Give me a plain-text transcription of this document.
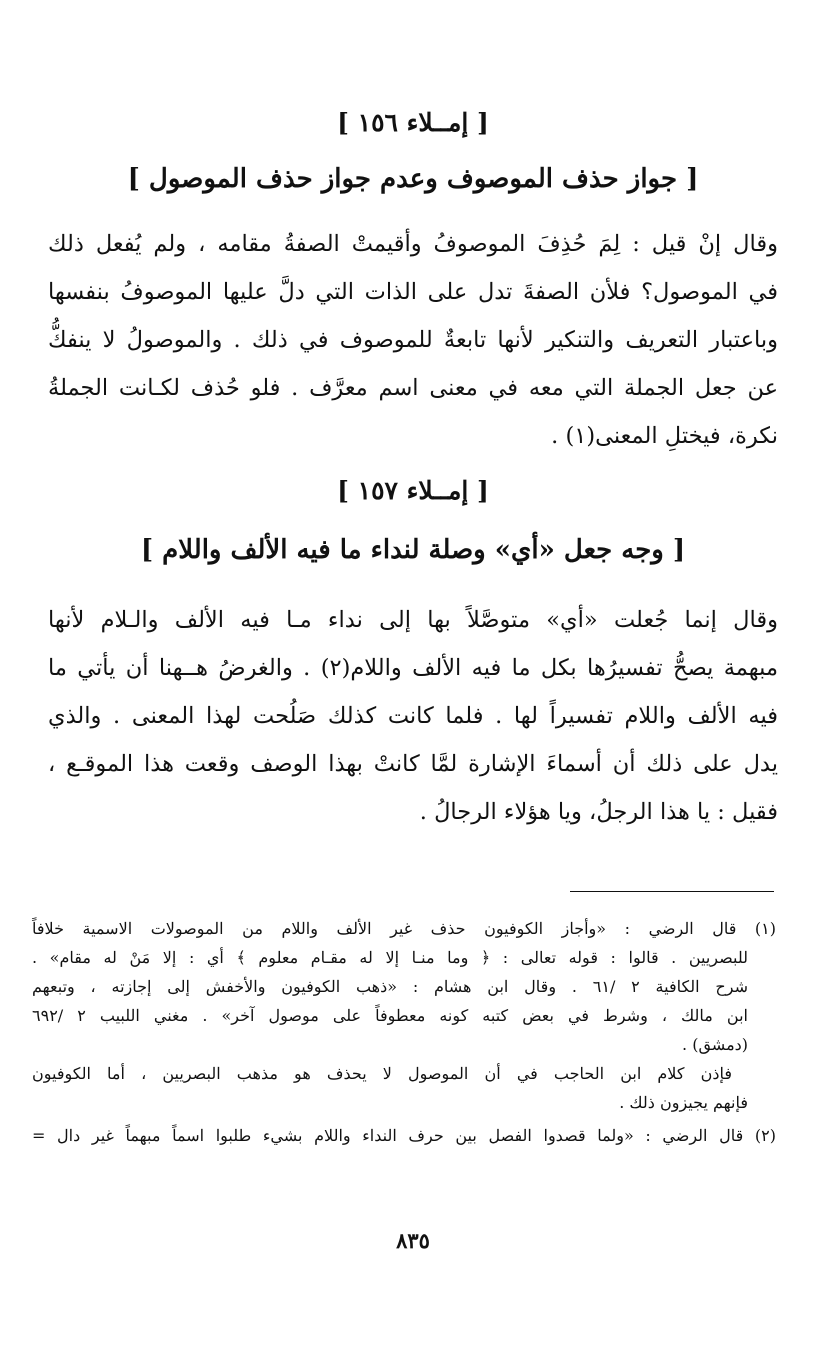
[ إمــلاء ١٥٦ ]
[ جواز حذف الموصوف وعدم جواز حذف الموصول ]
وقال إنْ قيل : لِمَ حُذِفَ الموصوفُ وأقيمتْ الصفةُ مقامه ، ولم يُفعل ذلك
في الموصول؟ فلأن الصفةَ تدل على الذات التي دلَّ عليها الموصوفُ بنفسها
وباعتبار التعريف والتنكير لأنها تابعةٌ للموصوف في ذلك . والموصولُ لا ينفكُّ
عن جعل الجملة التي معه في معنى اسم معرَّف . فلو حُذف لكـانت الجملةُ
نكرة، فيختلِ المعنى(١) .
[ إمــلاء ١٥٧ ]
[ وجه جعل «أي» وصلة لنداء ما فيه الألف واللام ]
وقال إنما جُعلت «أي» متوصَّلاً بها إلى نداء مـا فيه الألف والـلام لأنها
مبهمة يصحُّ تفسيرُها بكل ما فيه الألف واللام(٢) . والغرضُ هــهنا أن يأتي ما
فيه الألف واللام تفسيراً لها . فلما كانت كذلك صَلُحت لهذا المعنى . والذي
يدل على ذلك أن أسماءَ الإشارة لمَّا كانتْ بهذا الوصف وقعت هذا الموقـع ،
فقيل : يا هذا الرجلُ، ويا هؤلاء الرجالُ .
(١) قال الرضي : «وأجاز الكوفيون حذف غير الألف واللام من الموصولات الاسمية خلافاً
للبصريين . قالوا : قوله تعالى : ﴿ وما منـا إلا له مقـام معلوم ﴾ أي : إلا مَنْ له مقام» .
شرح الكافية ٢ /٦١ . وقال ابن هشام : «ذهب الكوفيون والأخفش إلى إجازته ، وتبعهم
ابن مالك ، وشرط في بعض كتبه كونه معطوفاً على موصول آخر» . مغني اللبيب ٢ /٦٩٢
(دمشق) .
فإذن كلام ابن الحاجب في أن الموصول لا يحذف هو مذهب البصريين ، أما الكوفيون
فإنهم يجيزون ذلك .
(٢) قال الرضي : «ولما قصدوا الفصل بين حرف النداء واللام بشيء طلبوا اسماً مبهماً غير دال =
٨٣٥
